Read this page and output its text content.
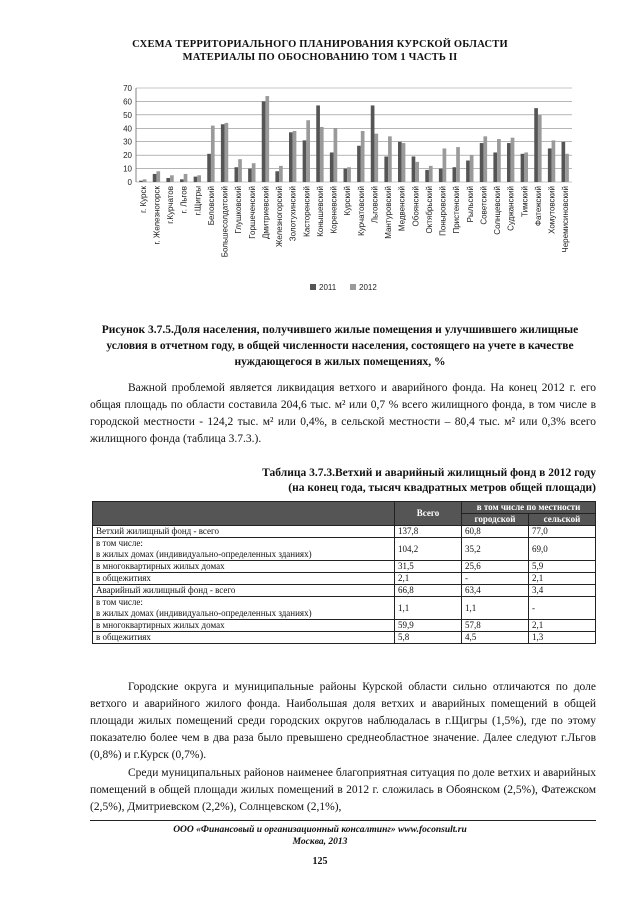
СХЕМА ТЕРРИТОРИАЛЬНОГО ПЛАНИРОВАНИЯ КУРСКОЙ ОБЛАСТИ
МАТЕРИАЛЫ ПО ОБОСНОВАНИЮ ТОМ 1 ЧАСТЬ II
0
10
20
30
40
50
60
70
г. Курск г. Железногорск г.Курчатов г. Льгов г.Щигры Беловский Большесолдатский Глушковский Горшеченский Дмитриевский Железногорский Золотухинский Касторенский Конышевский Кореневский Курский Курчатовский Льговский Мантуровский Медвенский Обоянский Октябрьский Поныровский Пристенский Рыльский Советский Солнцевский Суджанский Тимский Фатежский Хомутовский Черемисиновский
2011	2012
Рисунок 3.7.5.Доля населения, получившего жилые помещения и улучшившего жилищные условия в отчетном году, в общей численности населения, состоящего на учете в качестве нуждающегося в жилых помещениях, %
Важной проблемой является ликвидация ветхого и аварийного фонда. На конец 2012 г. его общая площадь по области составила 204,6 тыс. м² или 0,7 % всего жилищного фонда, в том числе в городской местности - 124,2 тыс. м² или 0,4%, в сельской местности – 80,4 тыс. м² или 0,3% всего жилищного фонда (таблица 3.7.3.).
Таблица 3.7.3.Ветхий и аварийный жилищный фонд в 2012 году
(на конец года, тысяч квадратных метров общей площади)
	Всего	в том числе по местности	
		городской	сельской
Ветхий жилищный фонд - всего	137,8	60,8	77,0
в том числе:
в жилых домах (индивидуально-определенных зданиях)	104,2	35,2	69,0
в многоквартирных жилых домах	31,5	25,6	5,9
в общежитиях	2,1	-	2,1
Аварийный жилищный фонд - всего	66,8	63,4	3,4
в том числе:
в жилых домах (индивидуально-определенных зданиях)	1,1	1,1	-
в многоквартирных жилых домах	59,9	57,8	2,1
в общежитиях	5,8	4,5	1,3
Городские округа и муниципальные районы Курской области сильно отличаются по доле ветхого и аварийного жилого фонда. Наибольшая доля ветхих и аварийных помещений в общей площади жилых помещений среди городских округов наблюдалась в г.Щигры (1,5%), где по этому показателю более чем в два раза было превышено среднеобластное значение. Далее следуют г.Льгов (0,8%) и г.Курск (0,7%).
Среди муниципальных районов наименее благоприятная ситуация по доле ветхих и аварийных помещений в общей площади жилых помещений в 2012 г. сложилась в Обоянском (2,5%), Фатежском (2,5%), Дмитриевском (2,2%), Солнцевском (2,1%),
ООО «Финансовый и организационный консалтинг» www.foconsult.ru
Москва, 2013
125
